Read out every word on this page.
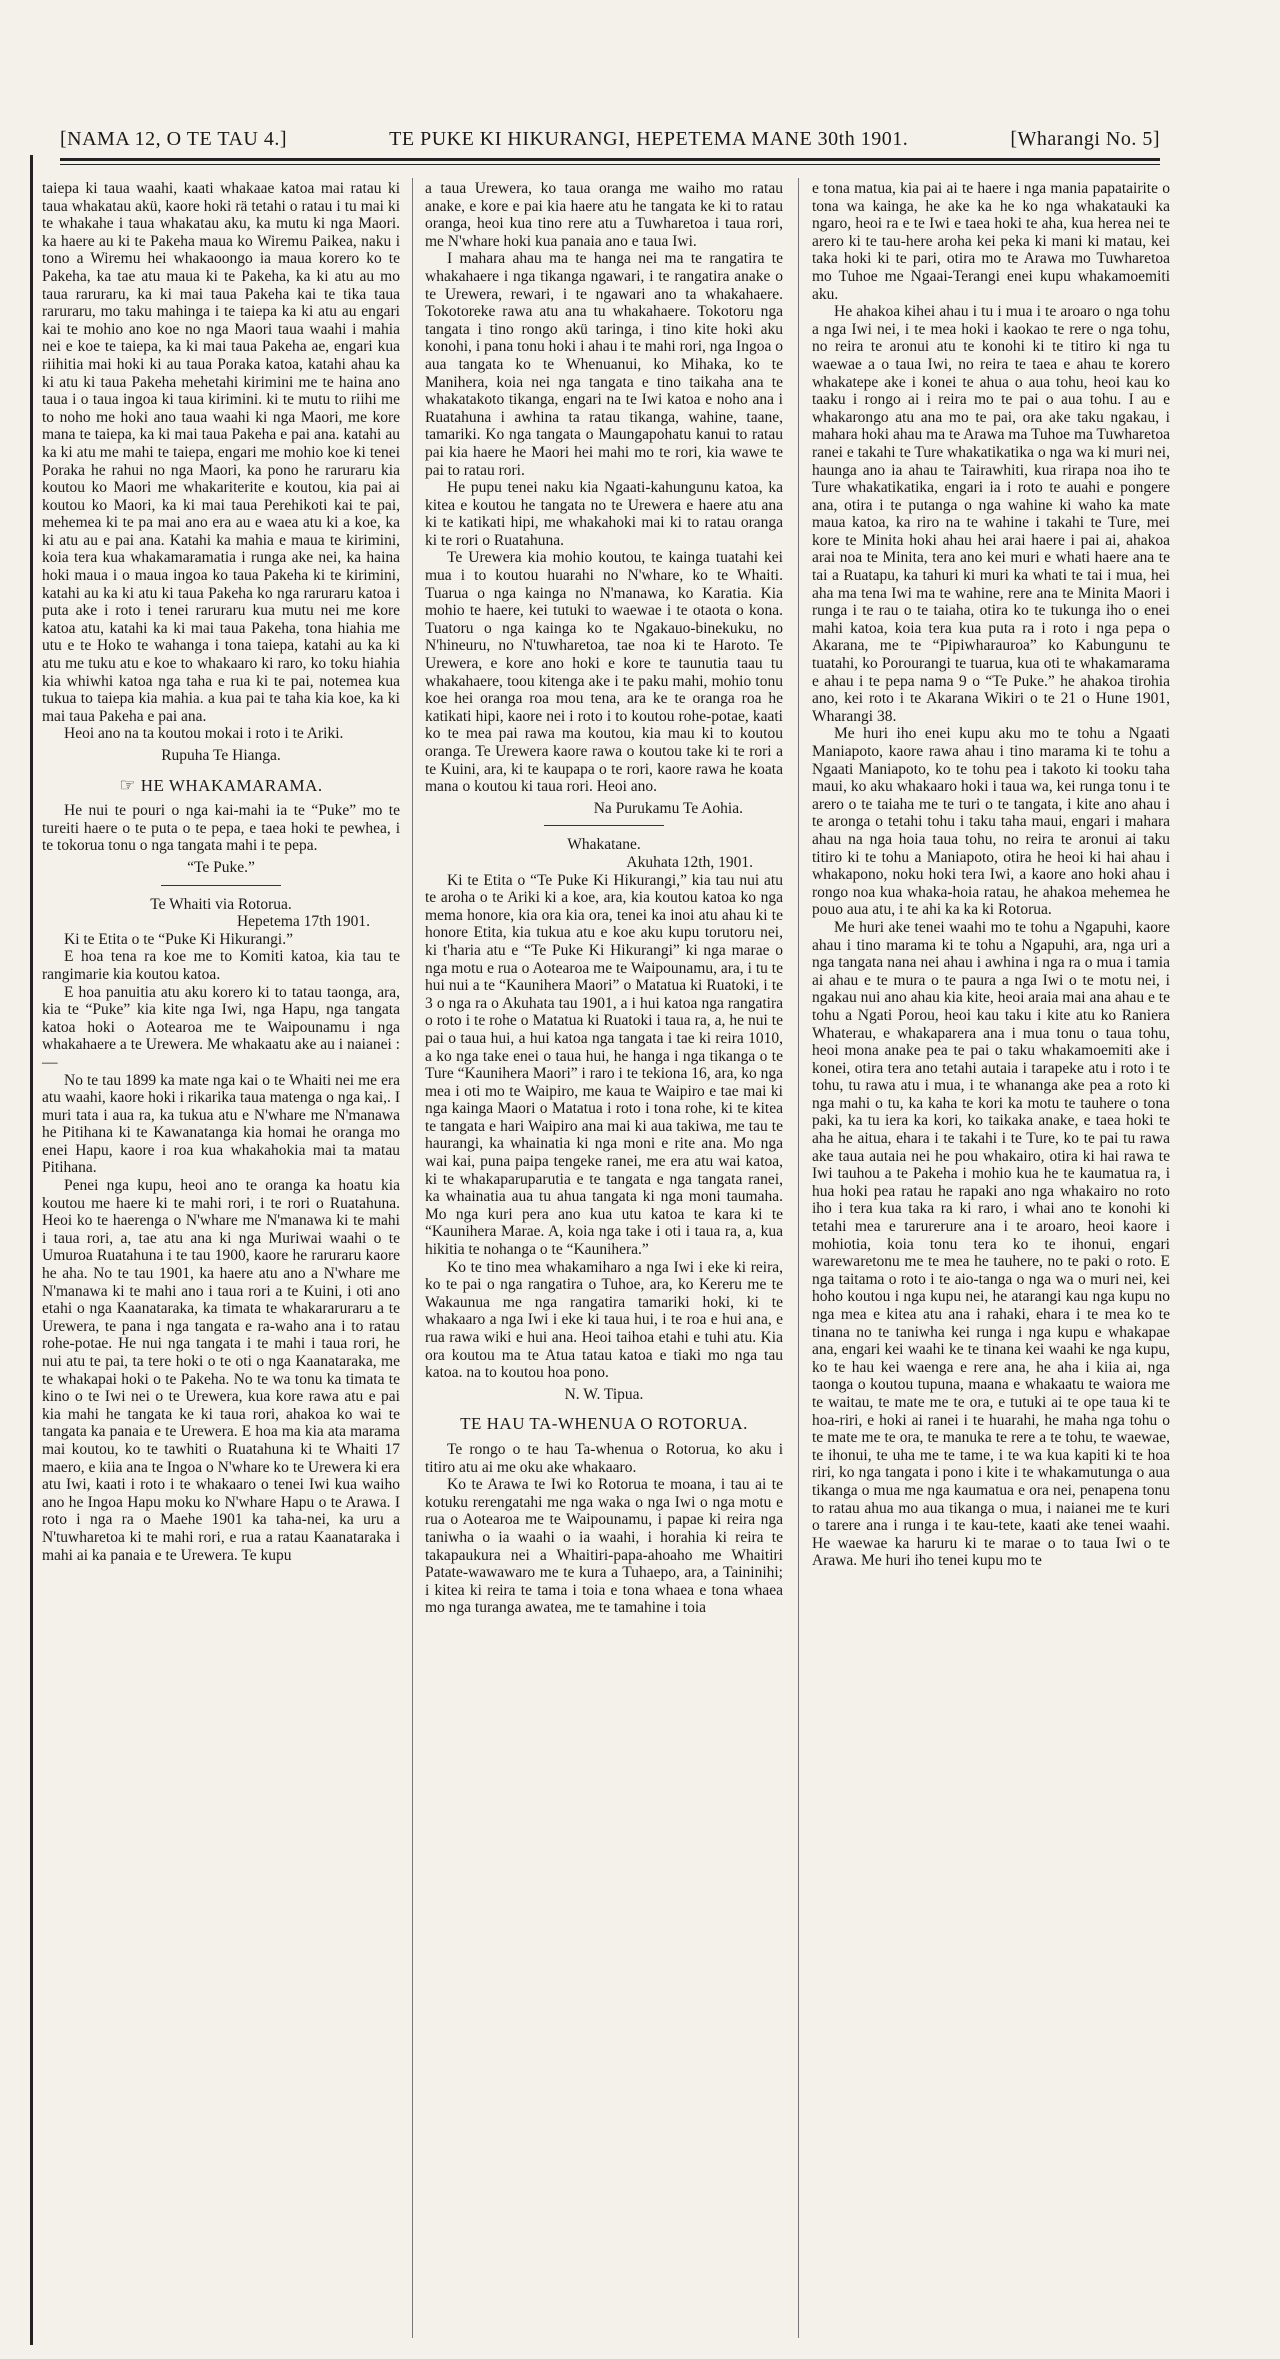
[NAMA 12, O TE TAU 4.]	TE PUKE KI HIKURANGI, HEPETEMA MANE 30th 1901.	[Wharangi No. 5]

taiepa ki taua waahi, kaati whakaae katoa mai ratau ki taua whakatau akü, kaore hoki rä tetahi o ratau i tu mai ki te whakahe i taua whakatau aku, ka mutu ki nga Maori. ka haere au ki te Pakeha maua ko Wiremu Paikea, naku i tono a Wiremu hei whakaoongo ia maua korero ko te Pakeha, ka tae atu maua ki te Pakeha, ka ki atu au mo taua raruraru, ka ki mai taua Pakeha kai te tika taua raruraru, mo taku mahinga i te taiepa ka ki atu au engari kai te mohio ano koe no nga Maori taua waahi i mahia nei e koe te taiepa, ka ki mai taua Pakeha ae, engari kua riihitia mai hoki ki au taua Poraka katoa, katahi ahau ka ki atu ki taua Pakeha mehetahi kirimini me te haina ano taua i o taua ingoa ki taua kirimini. ki te mutu to riihi me to noho me hoki ano taua waahi ki nga Maori, me kore mana te taiepa, ka ki mai taua Pakeha e pai ana. katahi au ka ki atu me mahi te taiepa, engari me mohio koe ki tenei Poraka he rahui no nga Maori, ka pono he raruraru kia koutou ko Maori me whakariterite e koutou, kia pai ai koutou ko Maori, ka ki mai taua Perehikoti kai te pai, mehemea ki te pa mai ano era au e waea atu ki a koe, ka ki atu au e pai ana. Katahi ka mahia e maua te kirimini, koia tera kua whakamaramatia i runga ake nei, ka haina hoki maua i o maua ingoa ko taua Pakeha ki te kirimini, katahi au ka ki atu ki taua Pakeha ko nga raruraru katoa i puta ake i roto i tenei raruraru kua mutu nei me kore katoa atu, katahi ka ki mai taua Pakeha, tona hiahia me utu e te Hoko te wahanga i tona taiepa, katahi au ka ki atu me tuku atu e koe to whakaaro ki raro, ko toku hiahia kia whiwhi katoa nga taha e rua ki te pai, notemea kua tukua to taiepa kia mahia. a kua pai te taha kia koe, ka ki mai taua Pakeha e pai ana.

Heoi ano na ta koutou mokai i roto i te Ariki.

Rupuha Te Hianga.

☞ HE WHAKAMARAMA.

He nui te pouri o nga kai-mahi ia te “Puke” mo te tureiti haere o te puta o te pepa, e taea hoki te pewhea, i te tokorua tonu o nga tangata mahi i te pepa.

“Te Puke.”

Te Whaiti via Rotorua.

Hepetema 17th 1901.

Ki te Etita o te “Puke Ki Hikurangi.”

E hoa tena ra koe me to Komiti katoa, kia tau te rangimarie kia koutou katoa.

E hoa panuitia atu aku korero ki to tatau taonga, ara, kia te “Puke” kia kite nga Iwi, nga Hapu, nga tangata katoa hoki o Aotearoa me te Waipounamu i nga whakahaere a te Urewera. Me whakaatu ake au i naianei :—

No te tau 1899 ka mate nga kai o te Whaiti nei me era atu waahi, kaore hoki i rikarika taua matenga o nga kai,. I muri tata i aua ra, ka tukua atu e N'whare me N'manawa he Pitihana ki te Kawanatanga kia homai he oranga mo enei Hapu, kaore i roa kua whakahokia mai ta matau Pitihana.

Penei nga kupu, heoi ano te oranga ka hoatu kia koutou me haere ki te mahi rori, i te rori o Ruatahuna. Heoi ko te haerenga o N'whare me N'manawa ki te mahi i taua rori, a, tae atu ana ki nga Muriwai waahi o te Umuroa Ruatahuna i te tau 1900, kaore he raruraru kaore he aha. No te tau 1901, ka haere atu ano a N'whare me N'manawa ki te mahi ano i taua rori a te Kuini, i oti ano etahi o nga Kaanataraka, ka timata te whakararuraru a te Urewera, te pana i nga tangata e ra-waho ana i to ratau rohe-potae. He nui nga tangata i te mahi i taua rori, he nui atu te pai, ta tere hoki o te oti o nga Kaanataraka, me te whakapai hoki o te Pakeha. No te wa tonu ka timata te kino o te Iwi nei o te Urewera, kua kore rawa atu e pai kia mahi he tangata ke ki taua rori, ahakoa ko wai te tangata ka panaia e te Urewera. E hoa ma kia ata marama mai koutou, ko te tawhiti o Ruatahuna ki te Whaiti 17 maero, e kiia ana te Ingoa o N'whare ko te Urewera ki era atu Iwi, kaati i roto i te whakaaro o tenei Iwi kua waiho ano he Ingoa Hapu moku ko N'whare Hapu o te Arawa. I roto i nga ra o Maehe 1901 ka taha-nei, ka uru a N'tuwharetoa ki te mahi rori, e rua a ratau Kaanataraka i mahi ai ka panaia e te Urewera. Te kupu

a taua Urewera, ko taua oranga me waiho mo ratau anake, e kore e pai kia haere atu he tangata ke ki to ratau oranga, heoi kua tino rere atu a Tuwharetoa i taua rori, me N'whare hoki kua panaia ano e taua Iwi.

I mahara ahau ma te hanga nei ma te rangatira te whakahaere i nga tikanga ngawari, i te rangatira anake o te Urewera, rewari, i te ngawari ano ta whakahaere. Tokotoreke rawa atu ana tu whakahaere. Tokotoru nga tangata i tino rongo akü taringa, i tino kite hoki aku konohi, i pana tonu hoki i ahau i te mahi rori, nga Ingoa o aua tangata ko te Whenuanui, ko Mihaka, ko te Manihera, koia nei nga tangata e tino taikaha ana te whakatakoto tikanga, engari na te Iwi katoa e noho ana i Ruatahuna i awhina ta ratau tikanga, wahine, taane, tamariki. Ko nga tangata o Maungapohatu kanui to ratau pai kia haere he Maori hei mahi mo te rori, kia wawe te pai to ratau rori.

He pupu tenei naku kia Ngaati-kahungunu katoa, ka kitea e koutou he tangata no te Urewera e haere atu ana ki te katikati hipi, me whakahoki mai ki to ratau oranga ki te rori o Ruatahuna.

Te Urewera kia mohio koutou, te kainga tuatahi kei mua i to koutou huarahi no N'whare, ko te Whaiti. Tuarua o nga kainga no N'manawa, ko Karatia. Kia mohio te haere, kei tutuki to waewae i te otaota o kona. Tuatoru o nga kainga ko te Ngakauo-binekuku, no N'hineuru, no N'tuwharetoa, tae noa ki te Haroto. Te Urewera, e kore ano hoki e kore te taunutia taau tu whakahaere, toou kitenga ake i te paku mahi, mohio tonu koe hei oranga roa mou tena, ara ke te oranga roa he katikati hipi, kaore nei i roto i to koutou rohe-potae, kaati ko te mea pai rawa ma koutou, kia mau ki to koutou oranga. Te Urewera kaore rawa o koutou take ki te rori a te Kuini, ara, ki te kaupapa o te rori, kaore rawa he koata mana o koutou ki taua rori. Heoi ano.

Na Purukamu Te Aohia.

Whakatane.

Akuhata 12th, 1901.

Ki te Etita o “Te Puke Ki Hikurangi,” kia tau nui atu te aroha o te Ariki ki a koe, ara, kia koutou katoa ko nga mema honore, kia ora kia ora, tenei ka inoi atu ahau ki te honore Etita, kia tukua atu e koe aku kupu torutoru nei, ki t'haria atu e “Te Puke Ki Hikurangi” ki nga marae o nga motu e rua o Aotearoa me te Waipounamu, ara, i tu te hui nui a te “Kaunihera Maori” o Matatua ki Ruatoki, i te 3 o nga ra o Akuhata tau 1901, a i hui katoa nga rangatira o roto i te rohe o Matatua ki Ruatoki i taua ra, a, he nui te pai o taua hui, a hui katoa nga tangata i tae ki reira 1010, a ko nga take enei o taua hui, he hanga i nga tikanga o te Ture “Kaunihera Maori” i raro i te tekiona 16, ara, ko nga mea i oti mo te Waipiro, me kaua te Waipiro e tae mai ki nga kainga Maori o Matatua i roto i tona rohe, ki te kitea te tangata e hari Waipiro ana mai ki aua takiwa, me tau te haurangi, ka whainatia ki nga moni e rite ana. Mo nga wai kai, puna paipa tengeke ranei, me era atu wai katoa, ki te whakaparuparutia e te tangata e nga tangata ranei, ka whainatia aua tu ahua tangata ki nga moni taumaha. Mo nga kuri pera ano kua utu katoa te kara ki te “Kaunihera Marae. A, koia nga take i oti i taua ra, a, kua hikitia te nohanga o te “Kaunihera.”

Ko te tino mea whakamiharo a nga Iwi i eke ki reira, ko te pai o nga rangatira o Tuhoe, ara, ko Kereru me te Wakaunua me nga rangatira tamariki hoki, ki te whakaaro a nga Iwi i eke ki taua hui, i te roa e hui ana, e rua rawa wiki e hui ana. Heoi taihoa etahi e tuhi atu. Kia ora koutou ma te Atua tatau katoa e tiaki mo nga tau katoa. na to koutou hoa pono.

N. W. Tipua.

TE HAU TA-WHENUA O ROTORUA.

Te rongo o te hau Ta-whenua o Rotorua, ko aku i titiro atu ai me oku ake whakaaro.

Ko te Arawa te Iwi ko Rotorua te moana, i tau ai te kotuku rerengatahi me nga waka o nga Iwi o nga motu e rua o Aotearoa me te Waipounamu, i papae ki reira nga taniwha o ia waahi o ia waahi, i horahia ki reira te takapaukura nei a Whaitiri-papa-ahoaho me Whaitiri Patate-wawawaro me te kura a Tuhaepo, ara, a Taininihi; i kitea ki reira te tama i toia e tona whaea e tona whaea mo nga turanga awatea, me te tamahine i toia

e tona matua, kia pai ai te haere i nga mania papatairite o tona wa kainga, he ake ka he ko nga whakatauki ka ngaro, heoi ra e te Iwi e taea hoki te aha, kua herea nei te arero ki te tau-here aroha kei peka ki mani ki matau, kei taka hoki ki te pari, otira mo te Arawa mo Tuwharetoa mo Tuhoe me Ngaai-Terangi enei kupu whakamoemiti aku.

He ahakoa kihei ahau i tu i mua i te aroaro o nga tohu a nga Iwi nei, i te mea hoki i kaokao te rere o nga tohu, no reira te aronui atu te konohi ki te titiro ki nga tu waewae a o taua Iwi, no reira te taea e ahau te korero whakatepe ake i konei te ahua o aua tohu, heoi kau ko taaku i rongo ai i reira mo te pai o aua tohu. I au e whakarongo atu ana mo te pai, ora ake taku ngakau, i mahara hoki ahau ma te Arawa ma Tuhoe ma Tuwharetoa ranei e takahi te Ture whakatikatika o nga wa ki muri nei, haunga ano ia ahau te Tairawhiti, kua rirapa noa iho te Ture whakatikatika, engari ia i roto te auahi e pongere ana, otira i te putanga o nga wahine ki waho ka mate maua katoa, ka riro na te wahine i takahi te Ture, mei kore te Minita hoki ahau hei arai haere i pai ai, ahakoa arai noa te Minita, tera ano kei muri e whati haere ana te tai a Ruatapu, ka tahuri ki muri ka whati te tai i mua, hei aha ma tena Iwi ma te wahine, rere ana te Minita Maori i runga i te rau o te taiaha, otira ko te tukunga iho o enei mahi katoa, koia tera kua puta ra i roto i nga pepa o Akarana, me te “Pipiwharauroa” ko Kabungunu te tuatahi, ko Porourangi te tuarua, kua oti te whakamarama e ahau i te pepa nama 9 o “Te Puke.” he ahakoa tirohia ano, kei roto i te Akarana Wikiri o te 21 o Hune 1901, Wharangi 38.

Me huri iho enei kupu aku mo te tohu a Ngaati Maniapoto, kaore rawa ahau i tino marama ki te tohu a Ngaati Maniapoto, ko te tohu pea i takoto ki tooku taha maui, ko aku whakaaro hoki i taua wa, kei runga tonu i te arero o te taiaha me te turi o te tangata, i kite ano ahau i te aronga o tetahi tohu i taku taha maui, engari i mahara ahau na nga hoia taua tohu, no reira te aronui ai taku titiro ki te tohu a Maniapoto, otira he heoi ki hai ahau i whakapono, noku hoki tera Iwi, a kaore ano hoki ahau i rongo noa kua whaka-hoia ratau, he ahakoa mehemea he pouo aua atu, i te ahi ka ka ki Rotorua.

Me huri ake tenei waahi mo te tohu a Ngapuhi, kaore ahau i tino marama ki te tohu a Ngapuhi, ara, nga uri a nga tangata nana nei ahau i awhina i nga ra o mua i tamia ai ahau e te mura o te paura a nga Iwi o te motu nei, i ngakau nui ano ahau kia kite, heoi araia mai ana ahau e te tohu a Ngati Porou, heoi kau taku i kite atu ko Raniera Whaterau, e whakaparera ana i mua tonu o taua tohu, heoi mona anake pea te pai o taku whakamoemiti ake i konei, otira tera ano tetahi autaia i tarapeke atu i roto i te tohu, tu rawa atu i mua, i te whananga ake pea a roto ki nga mahi o tu, ka kaha te kori ka motu te tauhere o tona paki, ka tu iera ka kori, ko taikaka anake, e taea hoki te aha he aitua, ehara i te takahi i te Ture, ko te pai tu rawa ake taua autaia nei he pou whakairo, otira ki hai rawa te Iwi tauhou a te Pakeha i mohio kua he te kaumatua ra, i hua hoki pea ratau he rapaki ano nga whakairo no roto iho i tera kua taka ra ki raro, i whai ano te konohi ki tetahi mea e tarurerure ana i te aroaro, heoi kaore i mohiotia, koia tonu tera ko te ihonui, engari warewaretonu me te mea he tauhere, no te paki o roto. E nga taitama o roto i te aio-tanga o nga wa o muri nei, kei hoho koutou i nga kupu nei, he atarangi kau nga kupu no nga mea e kitea atu ana i rahaki, ehara i te mea ko te tinana no te taniwha kei runga i nga kupu e whakapae ana, engari kei waahi ke te tinana kei waahi ke nga kupu, ko te hau kei waenga e rere ana, he aha i kiia ai, nga taonga o koutou tupuna, maana e whakaatu te waiora me te waitau, te mate me te ora, e tutuki ai te ope taua ki te hoa-riri, e hoki ai ranei i te huarahi, he maha nga tohu o te mate me te ora, te manuka te rere a te tohu, te waewae, te ihonui, te uha me te tame, i te wa kua kapiti ki te hoa riri, ko nga tangata i pono i kite i te whakamutunga o aua tikanga o mua me nga kaumatua e ora nei, penapena tonu to ratau ahua mo aua tikanga o mua, i naianei me te kuri o tarere ana i runga i te kau-tete, kaati ake tenei waahi. He waewae ka haruru ki te marae o to taua Iwi o te Arawa. Me huri iho tenei kupu mo te
